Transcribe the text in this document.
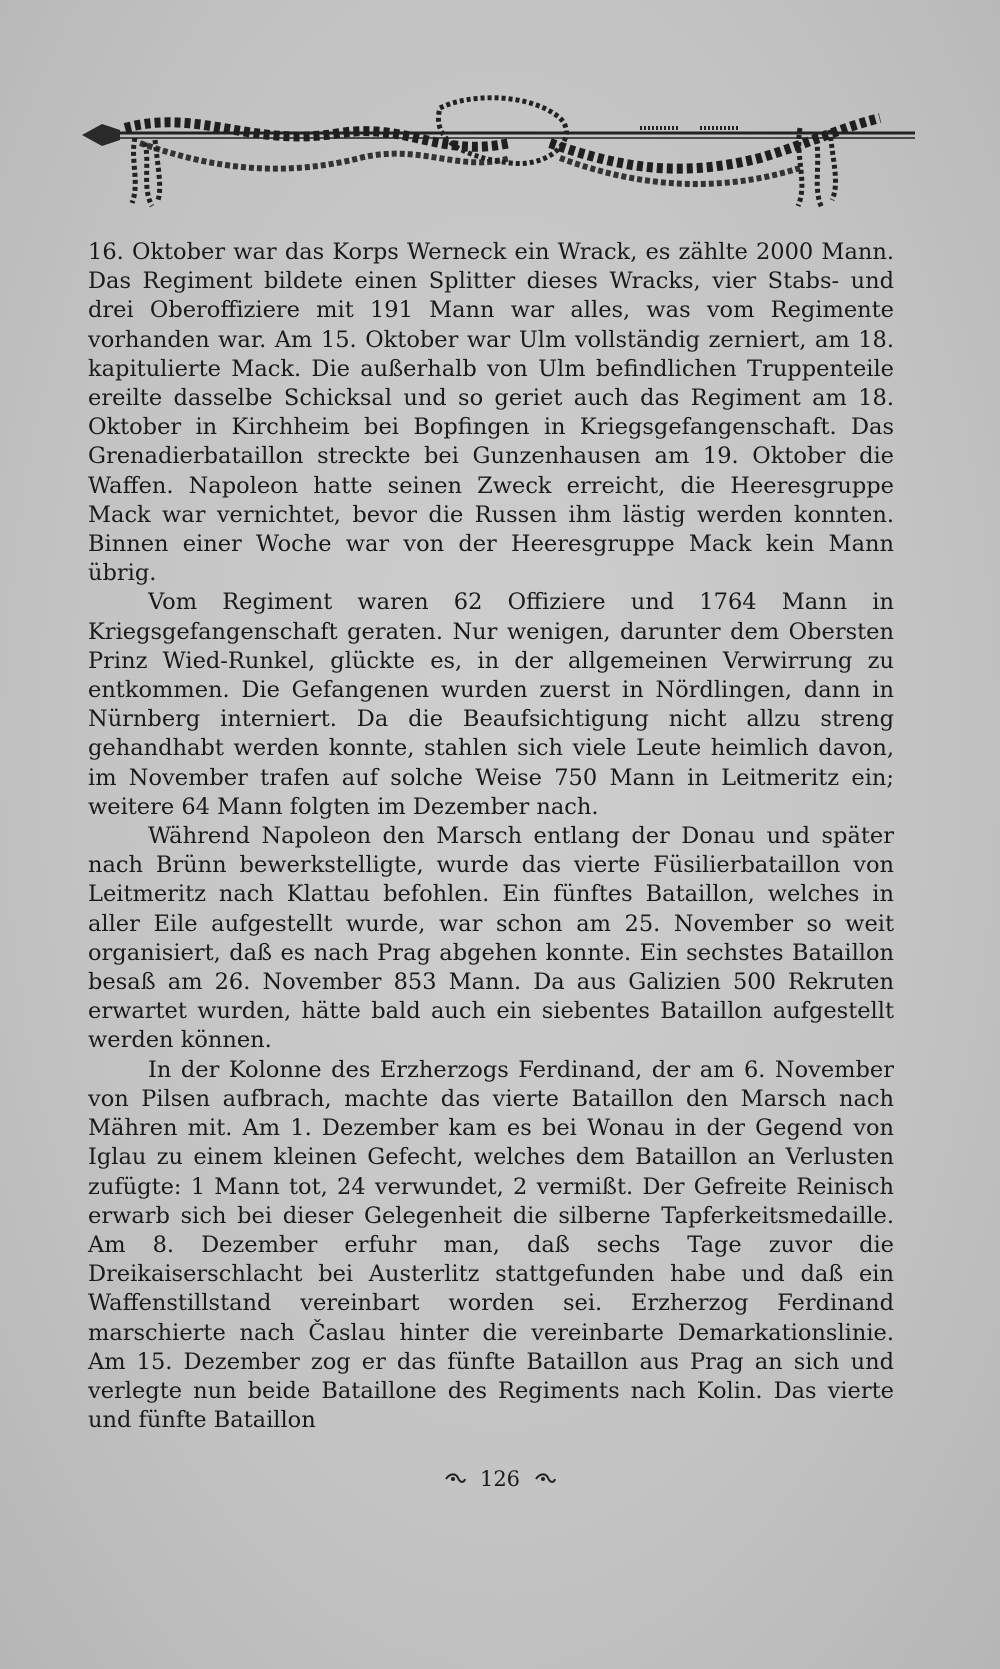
16. Oktober war das Korps Werneck ein Wrack, es zählte 2000 Mann. Das Regiment bildete einen Splitter dieses Wracks, vier Stabs- und drei Oberoffiziere mit 191 Mann war alles, was vom Regimente vorhanden war. Am 15. Oktober war Ulm vollständig zerniert, am 18. kapitulierte Mack. Die außerhalb von Ulm befindlichen Truppenteile ereilte dasselbe Schicksal und so geriet auch das Regiment am 18. Oktober in Kirchheim bei Bopfingen in Kriegsgefangenschaft. Das Grenadierbataillon streckte bei Gunzenhausen am 19. Oktober die Waffen. Napoleon hatte seinen Zweck erreicht, die Heeresgruppe Mack war vernichtet, bevor die Russen ihm lästig werden konnten. Binnen einer Woche war von der Heeresgruppe Mack kein Mann übrig.

Vom Regiment waren 62 Offiziere und 1764 Mann in Kriegsgefangenschaft geraten. Nur wenigen, darunter dem Obersten Prinz Wied-Runkel, glückte es, in der allgemeinen Verwirrung zu entkommen. Die Gefangenen wurden zuerst in Nördlingen, dann in Nürnberg interniert. Da die Beaufsichtigung nicht allzu streng gehandhabt werden konnte, stahlen sich viele Leute heimlich davon, im November trafen auf solche Weise 750 Mann in Leitmeritz ein; weitere 64 Mann folgten im Dezember nach.

Während Napoleon den Marsch entlang der Donau und später nach Brünn bewerkstelligte, wurde das vierte Füsilierbataillon von Leitmeritz nach Klattau befohlen. Ein fünftes Bataillon, welches in aller Eile aufgestellt wurde, war schon am 25. November so weit organisiert, daß es nach Prag abgehen konnte. Ein sechstes Bataillon besaß am 26. November 853 Mann. Da aus Galizien 500 Rekruten erwartet wurden, hätte bald auch ein siebentes Bataillon aufgestellt werden können.

In der Kolonne des Erzherzogs Ferdinand, der am 6. November von Pilsen aufbrach, machte das vierte Bataillon den Marsch nach Mähren mit. Am 1. Dezember kam es bei Wonau in der Gegend von Iglau zu einem kleinen Gefecht, welches dem Bataillon an Verlusten zufügte: 1 Mann tot, 24 verwundet, 2 vermißt. Der Gefreite Reinisch erwarb sich bei dieser Gelegenheit die silberne Tapferkeitsmedaille. Am 8. Dezember erfuhr man, daß sechs Tage zuvor die Dreikaiserschlacht bei Austerlitz stattgefunden habe und daß ein Waffenstillstand vereinbart worden sei. Erzherzog Ferdinand marschierte nach Časlau hinter die vereinbarte Demarkationslinie. Am 15. Dezember zog er das fünfte Bataillon aus Prag an sich und verlegte nun beide Bataillone des Regiments nach Kolin. Das vierte und fünfte Bataillon

126
